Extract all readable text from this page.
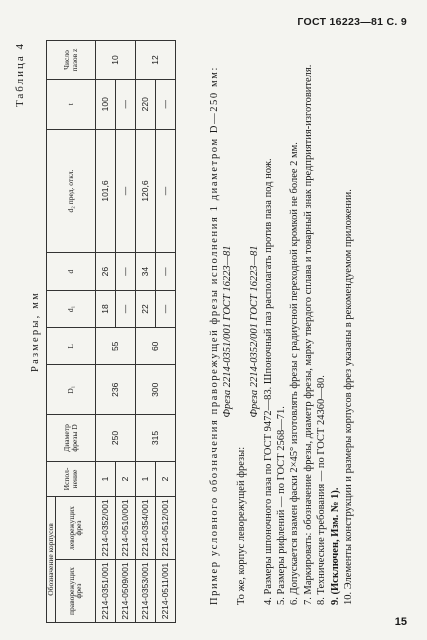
ГОСТ 16223—81 С. 9
Таблица 4
Размеры, мм
Обозначение корпусов		Испол-нение	Диаметр фрезы D	D₁	L	d₁	d	d₂ пред. откл.	t	Число пазов z
праворежущих фрез	леворежущих фрез									
2214-0351/001	2214-0352/001	1	250	236	55	18	26	101,6	100	10
2214-0509/001	2214-0510/001	2				—	—	—	—	
2214-0353/001	2214-0354/001	1	315	300	60	22	34	120,6	220	12
2214-0511/001	2214-0512/001	2				—	—	—	—		Пример условного обозначения праворежущей фрезы исполнения 1 диаметром D—250 мм: Фреза 2214-0351/001 ГОСТ 16223—81

То же, корпус леворежущей фрезы:

Фреза 2214-0352/001 ГОСТ 16223—81 4. Размеры шпоночного паза по ГОСТ 9472—83. Шпоночный паз располагать против паза под нож. 5. Размеры рифлений — по ГОСТ 2568—71. 6. Допускается взамен фаски 2×45° изготовлять фрезы с радиусной переходной кромкой не более 2 мм. 7. Маркировать: обозначение фрезы, диаметр фрезы, марку твердого сплава и товарный знак предприятия-изготовителя. 8. Технические требования — по ГОСТ 24360—80. 9. (Исключен, Изм. № 1). 10. Элементы конструкции и размеры корпусов фрез указаны в рекомендуемом приложении.

15
